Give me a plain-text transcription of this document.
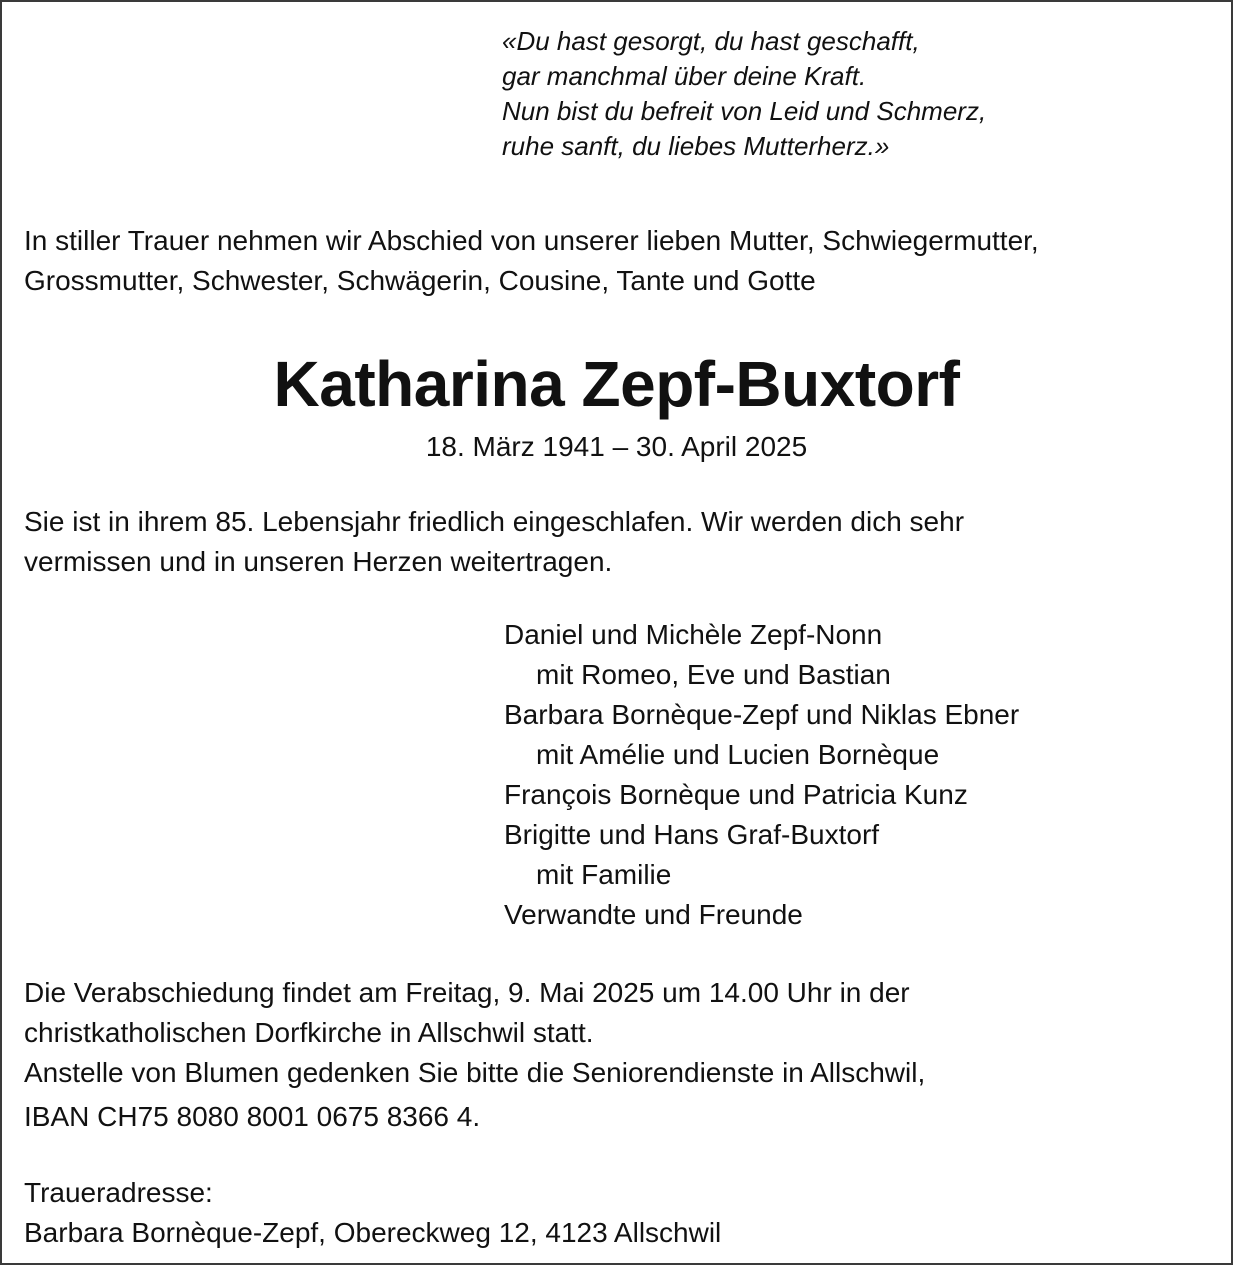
«Du hast gesorgt, du hast geschafft,
gar manchmal über deine Kraft.
Nun bist du befreit von Leid und Schmerz,
ruhe sanft, du liebes Mutterherz.»
In stiller Trauer nehmen wir Abschied von unserer lieben Mutter, Schwiegermutter,
Grossmutter, Schwester, Schwägerin, Cousine, Tante und Gotte
Katharina Zepf-Buxtorf
18. März 1941 – 30. April 2025
Sie ist in ihrem 85. Lebensjahr friedlich eingeschlafen. Wir werden dich sehr
vermissen und in unseren Herzen weitertragen.
Daniel und Michèle Zepf-Nonn
mit Romeo, Eve und Bastian
Barbara Bornèque-Zepf und Niklas Ebner
mit Amélie und Lucien Bornèque
François Bornèque und Patricia Kunz
Brigitte und Hans Graf-Buxtorf
mit Familie
Verwandte und Freunde
Die Verabschiedung findet am Freitag, 9. Mai 2025 um 14.00 Uhr in der
christkatholischen Dorfkirche in Allschwil statt.
Anstelle von Blumen gedenken Sie bitte die Seniorendienste in Allschwil,
IBAN CH75 8080 8001 0675 8366 4.
Traueradresse:
Barbara Bornèque-Zepf, Obereckweg 12, 4123 Allschwil
